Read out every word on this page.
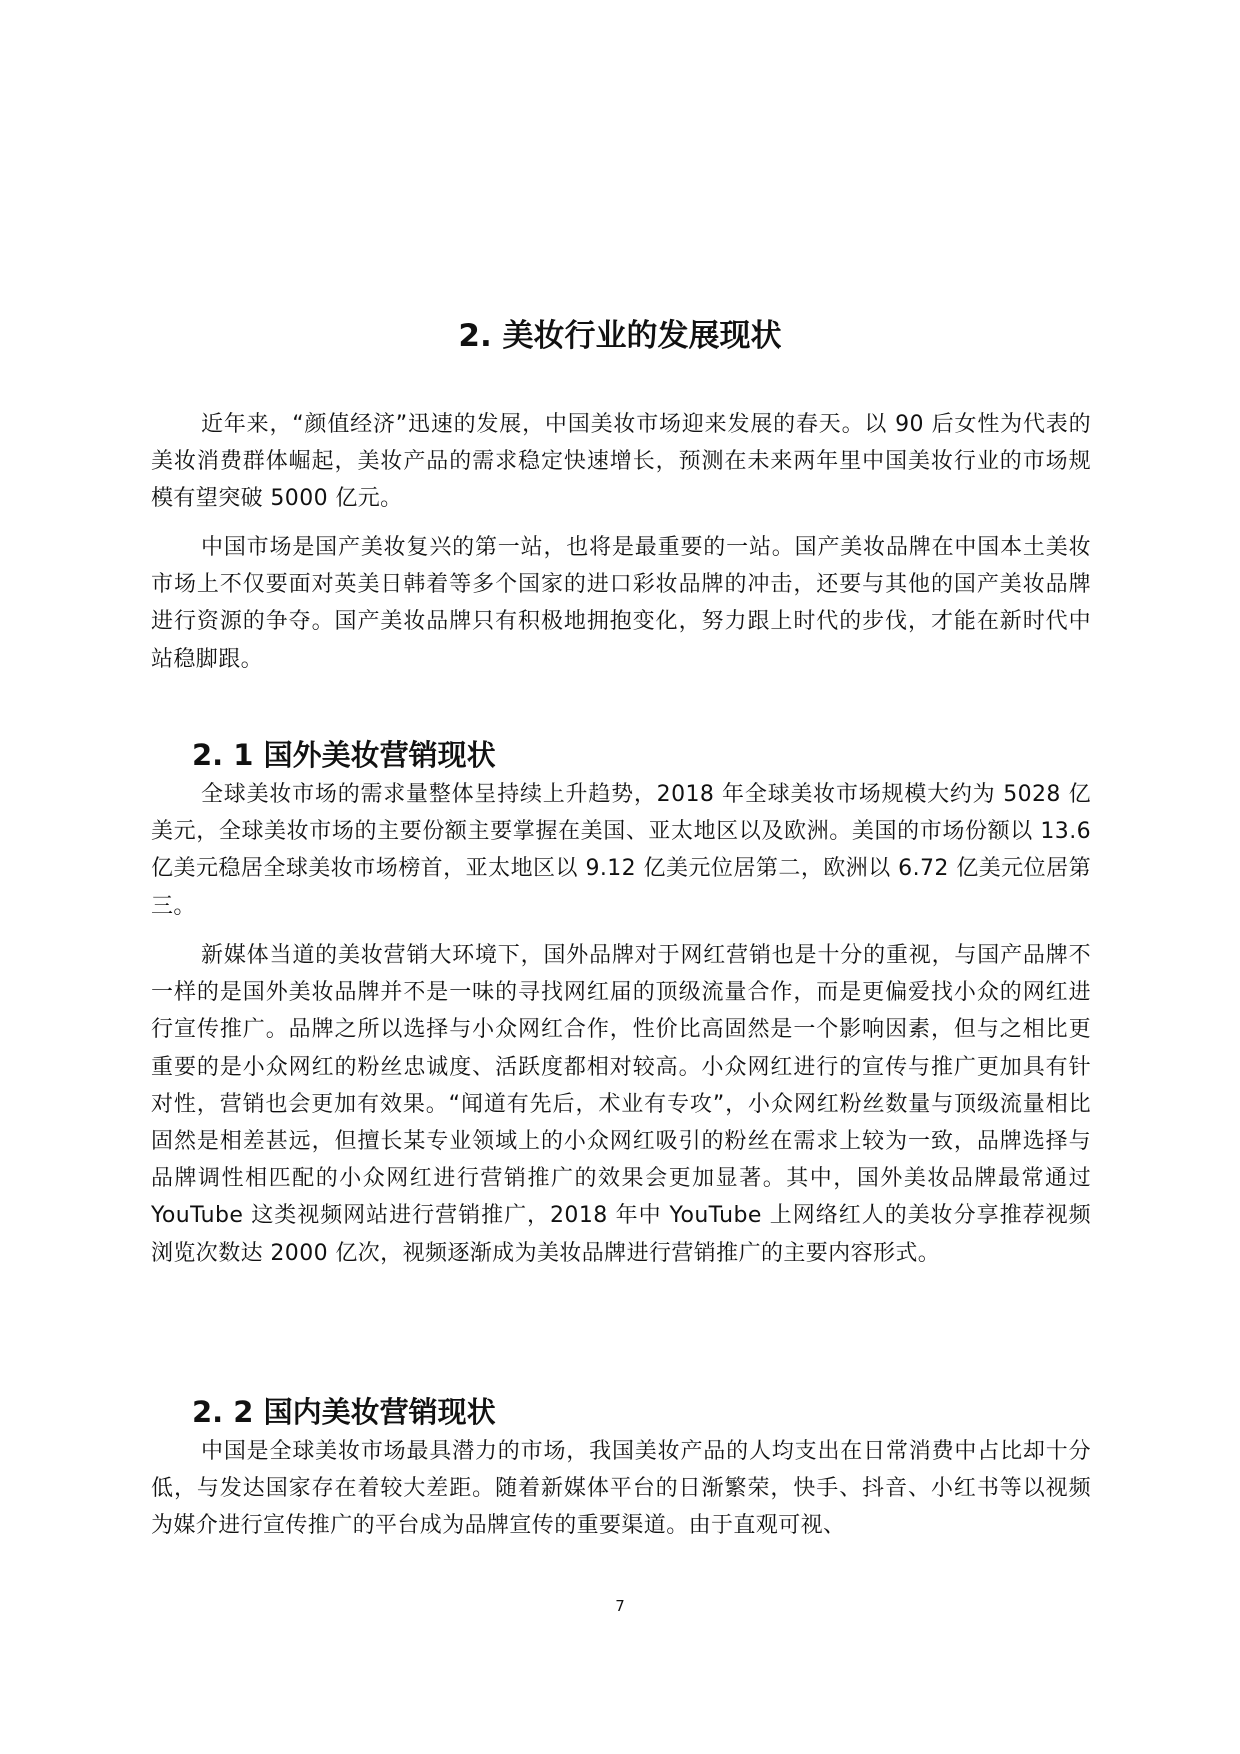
2. 美妆行业的发展现状

近年来，“颜值经济”迅速的发展，中国美妆市场迎来发展的春天。以 90 后女性为代表的美妆消费群体崛起，美妆产品的需求稳定快速增长，预测在未来两年里中国美妆行业的市场规模有望突破 5000 亿元。

中国市场是国产美妆复兴的第一站，也将是最重要的一站。国产美妆品牌在中国本土美妆市场上不仅要面对英美日韩着等多个国家的进口彩妆品牌的冲击，还要与其他的国产美妆品牌进行资源的争夺。国产美妆品牌只有积极地拥抱变化，努力跟上时代的步伐，才能在新时代中站稳脚跟。

2. 1 国外美妆营销现状

全球美妆市场的需求量整体呈持续上升趋势，2018 年全球美妆市场规模大约为 5028 亿美元，全球美妆市场的主要份额主要掌握在美国、亚太地区以及欧洲。美国的市场份额以 13.6 亿美元稳居全球美妆市场榜首，亚太地区以 9.12 亿美元位居第二，欧洲以 6.72 亿美元位居第三。

新媒体当道的美妆营销大环境下，国外品牌对于网红营销也是十分的重视，与国产品牌不一样的是国外美妆品牌并不是一味的寻找网红届的顶级流量合作，而是更偏爱找小众的网红进行宣传推广。品牌之所以选择与小众网红合作，性价比高固然是一个影响因素，但与之相比更重要的是小众网红的粉丝忠诚度、活跃度都相对较高。小众网红进行的宣传与推广更加具有针对性，营销也会更加有效果。“闻道有先后，术业有专攻”，小众网红粉丝数量与顶级流量相比固然是相差甚远，但擅长某专业领域上的小众网红吸引的粉丝在需求上较为一致，品牌选择与品牌调性相匹配的小众网红进行营销推广的效果会更加显著。其中，国外美妆品牌最常通过 YouTube 这类视频网站进行营销推广，2018 年中 YouTube 上网络红人的美妆分享推荐视频浏览次数达 2000 亿次，视频逐渐成为美妆品牌进行营销推广的主要内容形式。

2. 2 国内美妆营销现状

中国是全球美妆市场最具潜力的市场，我国美妆产品的人均支出在日常消费中占比却十分低，与发达国家存在着较大差距。随着新媒体平台的日渐繁荣，快手、抖音、小红书等以视频为媒介进行宣传推广的平台成为品牌宣传的重要渠道。由于直观可视、

7
